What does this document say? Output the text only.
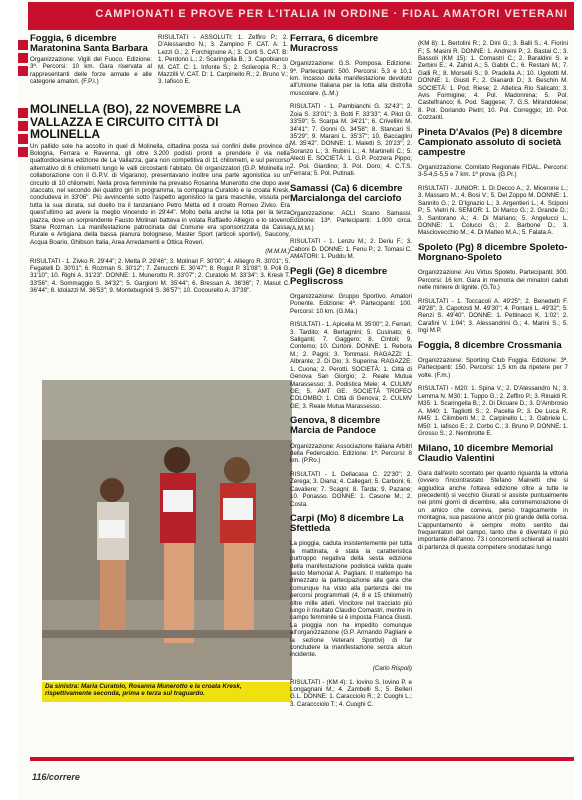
CAMPIONATI E PROVE PER L'ITALIA IN ORDINE · FIDAL AMATORI VETERANI
Foggia, 6 dicembre Maratonina Santa Barbara
Organizzazione: Vigili del Fuoco. Edizione: 3ª. Percorsi: 10 km. Gara riservata al rappresentanti delle forze armate e alle categorie amatori. (F.P.I.)
RISULTATI - ASSOLUTI: 1. Zeffiro P.; 2. D'Alessandro N.; 3. Zampino F. CAT. A: 1. Lezzi G.; 2. Forchignone A.; 3. Corti S. CAT. B: 1. Perdono L.; 2. Scaringella B.; 3. Capobianco M. CAT. C: 1. Infonte S.; 2. Scileropia R.; 3. Mazzilli V. CAT. D: 1. Carpinello R.; 2. Bruno V.; 3. Iafisco E.
MOLINELLA (BO), 22 NOVEMBRE LA VALLAZZA E CIRCUITO CITTÀ DI MOLINELLA

Un pallido sole ha accolto in quel di Molinella, cittadina posta sui confini delle province di Bologna, Ferrara e Ravenna, gli oltre 3.200 podisti pronti a prendere il via nella quattordicesima edizione de La Vallazza, gara non competitiva di 11 chilometri, e sul percorso alternativo di 6 chilometri lungo le valli circostanti l'abitato. Gli organizzatori (G.P. Molinella in collaborazione con il G.P.V. di Vigarano), presentavano inoltre una parte agonistica su un circuito di 10 chilometri. Nella prova femminile ha prevalso Rosanna Munerotto che dopo aver staccato, nel secondo dei quattro giri in programma, la compagna Curatolo e la croata Kresk, concludeva in 33'06". Più avvincente sotto l'aspetto agonistico la gara maschile, vissuta per tutta la sua durata, sul duello tra il tanzaniano Petro Metta ed il croato Romeo Zivko. Era quest'ultimo ad avere la meglio vincendo in 29'44". Molto bella anche la lotta per la terza piazza, dove un sorprendente Fausto Molinari batteva in volata Raffaello Alliegro e lo sloveno Stane Rozman. La manifestazione patrocinata dal Comune era sponsorizzata da Cassa Rurale e Artigiana della bassa pianura bolognese, Master Sport (articoli sportivi), Saucony, Acqua Boario, Ghibson Italia, Area Arredamenti e Ottica Roveri.

(M.M.M.)

RISULTATI - 1. Zivko R. 29'44"; 2. Metta P. 29'46"; 3. Molinari F. 30'00"; 4. Alliegro R. 30'01"; 5. Fegatelli D. 30'01"; 6. Rozman S. 30'12"; 7. Zenucchi E. 30'47"; 8. Rugut P. 31'08"; 9. Poli G. 31'10"; 10. Righi A. 31'23". DONNE: 1. Munerotto R. 33'07"; 2. Curatolo M. 33'34"; 3. Kresk T. 33'56"; 4. Sommaggio S. 34'32"; 5. Gargioni M. 35'44"; 6. Bressan A. 36'36"; 7. Masut C. 36'44"; 8. Idolazzi M. 36'53"; 9. Montebugnoli S. 36'57"; 10. Cocourello A. 37'39".

Da sinistra: Maria Curatolo, Rosanna Munerotto e la croata Kresk, rispettivamente seconda, prima e terza sul traguardo.
Ferrara, 6 dicembre Muracross

Organizzazione: G.S. Pomposa. Edizione: 9ª. Partecipanti: 500. Percorsi: 5,3 e 10,1 km. Incasso della manifestazione devoluto all'Unione Italiana per la lotta alla distrofia muscolare. (L.M.)

RISULTATI - 1. Pambianchi G. 32'43"; 2. Zoia S. 33'01"; 3. Botti F. 33'33"; 4. Pilot G. 33'59"; 5. Scarpa M. 34'21"; 6. Crivellini M. 34'41"; 7. Gonni G. 34'58"; 8. Stancari S. 35'29"; 9. Marani L. 35'37"; 10. Baccaglini M. 35'42". DONNE: 1. Maletti S. 20'23"; 2. Soranzo L.; 3. Rubini L.; 4. Martinelli C.; 5. Alecti E. SOCIETÀ: 1. G.P. Pozzera Pippo; 2. Pol. Giardino; 3. Pol. Doro; 4. C.T.S. Ferrara; 5. Pol. Putinati.

Samassi (Ca) 6 dicembre Marcialonga del carciofo

Organizzazione: ACLI Scano Samassi. Edizione: 13ª. Partecipanti: 1.000 circa. (A.M.M.)

RISULTATI - 1. Lenzu M.; 2. Deriu F.; 3. Caboni D. DONNE: 1. Fenu P.; 2. Tomasi C. AMATORI: 1. Puddu M.

Pegli (Ge) 8 dicembre Pegliscross

Organizzazione: Gruppo Sportivo. Amatori Ponente. Edizione: 4ª. Partecipanti: 100. Percorsi: 10 km. (G.Ma.)

RISULTATI - 1. Apicella M. 35'00"; 2. Ferrari; 3. Tardito; 4. Bertagnini; 5. Cusinato; 6. Saliganti; 7. Gaggero; 8. Cintoli; 9. Contemo; 10. Curtoni. DONNE: 1. Rebora M.; 2. Pagni; 3. Tommasi. RAGAZZI: 1. Albrante; 2. Di Dio; 3. Superina. RAGAZZE: 1. Cuona; 2. Perotti. SOCIETÀ: 1. Città di Genova San Giorgio; 2. Reale Mutua Marassesso; 3. Podistica Mele; 4. CULMV GE; 5. AMT GE. SOCIETÀ TROFEO COLOMBO: 1. Città di Genova; 2. CULMV GE; 3. Reale Mutua Marassesso.

Genova, 8 dicembre Marcia de Pandoce

Organizzazione: Associazione Italiana Arbitri della Federcalcio. Edizione: 1ª. Percorsi: 8 km. (P.Ro.)

RISULTATI - 1. Dellacasa C. 22'30"; 2. Zerega; 3. Diana; 4. Callegari; 5. Carboni; 6. Cavaliere; 7. Scagni; 8. Tarda; 9. Pazane; 10. Ponasso. DONNE: 1. Casone M.; 2. Costa.

Carpi (Mo) 8 dicembre La Sfettleda

La pioggia, caduta insistentemente per tutta la mattinata, è stata la caratteristica purtroppo negativa della sesta edizione della manifestazione podistica valida quale sesto Memorial A. Pagliani. Il maltempo ha dimezzato la partecipazione alla gara che comunque ha visto alla partenza dei tre percorsi programmati (4, 8 e 15 chilometri) oltre mille atleti. Vincitore nel tracciato più lungo il risultato Claudio Comastri, mentre in campo femminile si è imposta Franca Giusti. La pioggia non ha impedito comunque all'organizzazione (G.P. Armando Pagliani e la sezione Veterani Sportivi) di far concludere la manifestazione senza alcun incidente.

(Carlo Rispoli)

RISULTATI - (KM 4): 1. Iovino S. Iovino P. e Longagnani M.; 4. Zambelli S.; 5. Belleri G.L. DONNE: 1. Caracciolo R.; 2. Cuoghi L.; 3. Caraccciolo T.; 4. Cuoghi C.

(KM 8): 1. Bertolini R.; 2. Dini G.; 3. Balli S.; 4. Fiorini F.; 5. Masini R. DONNE: 1. Andreini P.; 2. Bastai C.; 3. Bassoli (KM 15): 1. Comastri C.; 2. Baraldini S. e Zerbini E.; 4. Zahid A.; 5. Gabbi C.; 6. Restani M.; 7. Galli R.; 8. Morselli S.; 9. Pradella A.; 10. Ugolotti M. DONNE: 1. Giusti F.; 2. Gianardi D.; 3. Beschin M. SOCIETÀ: 1. Pod. Riese; 2. Atletica Rio Salicato; 3. Avis Formigine; 4. Pol. Madonnina; 5. Pol. Castelfranco; 6. Pod. Saggese; 7. G.S. Mirandolese; 8. Pol. Doriando Pietri; 10. Pol. Correggio; 10. Pol. Cozzanti.

Pineta D'Avalos (Pe) 8 dicembre Campionato assoluto di società campestre

Organizzazione: Comitato Regionale FIDAL. Percorsi: 3-5-4,5-5,5 e 7 km. 1ª prova. (G.Pr.)

RISULTATI - JUNIOR: 1. Di Decco A.; 2. Micerone L.; 3. Massaro M.; 4. Bosi V.; 5. Del Zoppo M. DONNE: 1. Sannito G.; 2. D'Ignazio L.; 3. Argentieri L.; 4. Sciponi P.; 5. Vietri N. SENIOR: 1. Di Marco G.; 2. Grande D.; 3. Santorano A.; 4. Di Mariano; 5. Angelucci L. DONNE: 1. Colucci G.; 2. Barbone D.; 3. Masciovecchio M.; 4. Di Matteo M.A.; 5. Falata A.

Spoleto (Pg) 8 dicembre Spoleto-Morgnano-Spoleto

Organizzazione: Aru Virtus Spoleto. Partecipanti: 300. Percorsi: 16 km. Gara in memoria dei minatori caduti nelle miniere di lignite. (G.To.)

RISULTATI - 1. Toccacoli A. 49'25"; 2. Benedetti F. 49'28"; 3. Capotosti M. 49'30"; 4. Pontani L. 49'32"; 5. Renzi S. 49'40". DONNE: 1. Pettinacci K. 1:02'; 2. Carafini V. 1:04'; 3. Alessandrini G.; 4. Marini S.; 5. Ingi M.P.

Foggia, 8 dicembre Crossmania

Organizzazione: Sporting Club Foggia. Edizione: 3ª. Partecipanti: 150. Percorsi: 1,5 km da ripetere per 7 volte. (F.m.)

RISULTATI - M20: 1. Spina V.; 2. D'Alessandro N.; 3. Lemma N. M30: 1. Tuppo G.; 2. Zeffiro P.; 3. Rinaldi R. M35: 1. Scaringella B.; 2. Di Dicuare D.; 3. D'Ambrosio A. M40: 1. Tagliotti S.; 2. Pacella P.; 3. De Luca R. M45: 1. Cilimberti M.; 2. Carpinello L.; 3. Gabriele L. M50: 1. Iafisco E.; 2. Corbo C.; 3. Bruno P. DONNE: 1. Grosso S.; 2. Nembrotte E.

Milano, 10 dicembre Memorial Claudio Valentini

Gara dall'esito scontato per quanto riguarda la vittoria (ovvero l'incontrastato Stefano Mainetti che si aggiudica anche l'ottava edizione oltre a tutte le precedenti) si vecchio Giurati si assiste puntualmente nei primi giorni di dicembre, alla commemorazione di un amico che correva, perso tragicamente in montagna, sua passione ancor più grande della corsa. L'appuntamento è sempre molto sentito dai frequentatori del campo, tanto che è diventato il più importante dell'anno. 73 i concorrenti schierati ai nastri di partenza di questa competere snodatasi lungo

116/correre
